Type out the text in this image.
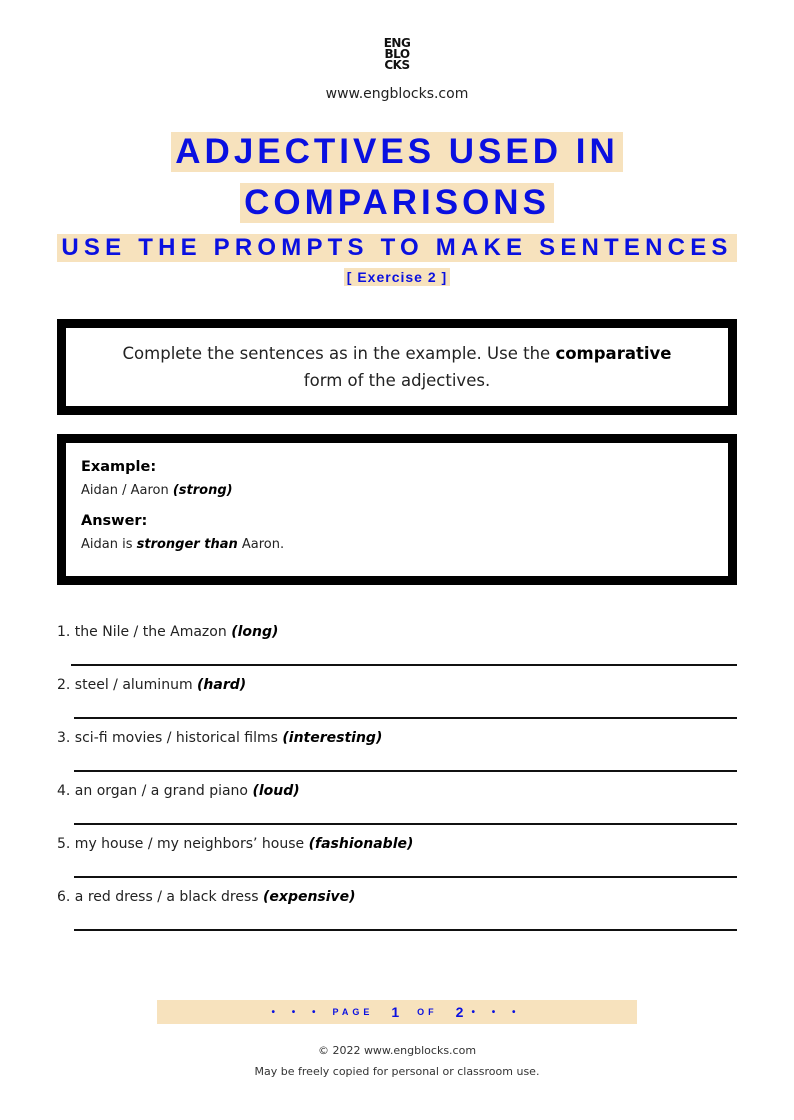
ENG
BLO
CKS
www.engblocks.com
ADJECTIVES USED IN
COMPARISONS
USE THE PROMPTS TO MAKE SENTENCES
[ Exercise 2 ]

Complete the sentences as in the example. Use the comparative form of the adjectives.

Example:
Aidan / Aaron (strong)
Answer:
Aidan is stronger than Aaron.
1. the Nile / the Amazon (long)
2. steel / aluminum (hard)
3. sci-fi movies / historical films (interesting)
4. an organ / a grand piano (loud)
5. my house / my neighbors’ house (fashionable)
6. a red dress / a black dress (expensive)
• • • PAGE 1 OF 2 • • •
© 2022 www.engblocks.com
May be freely copied for personal or classroom use.
